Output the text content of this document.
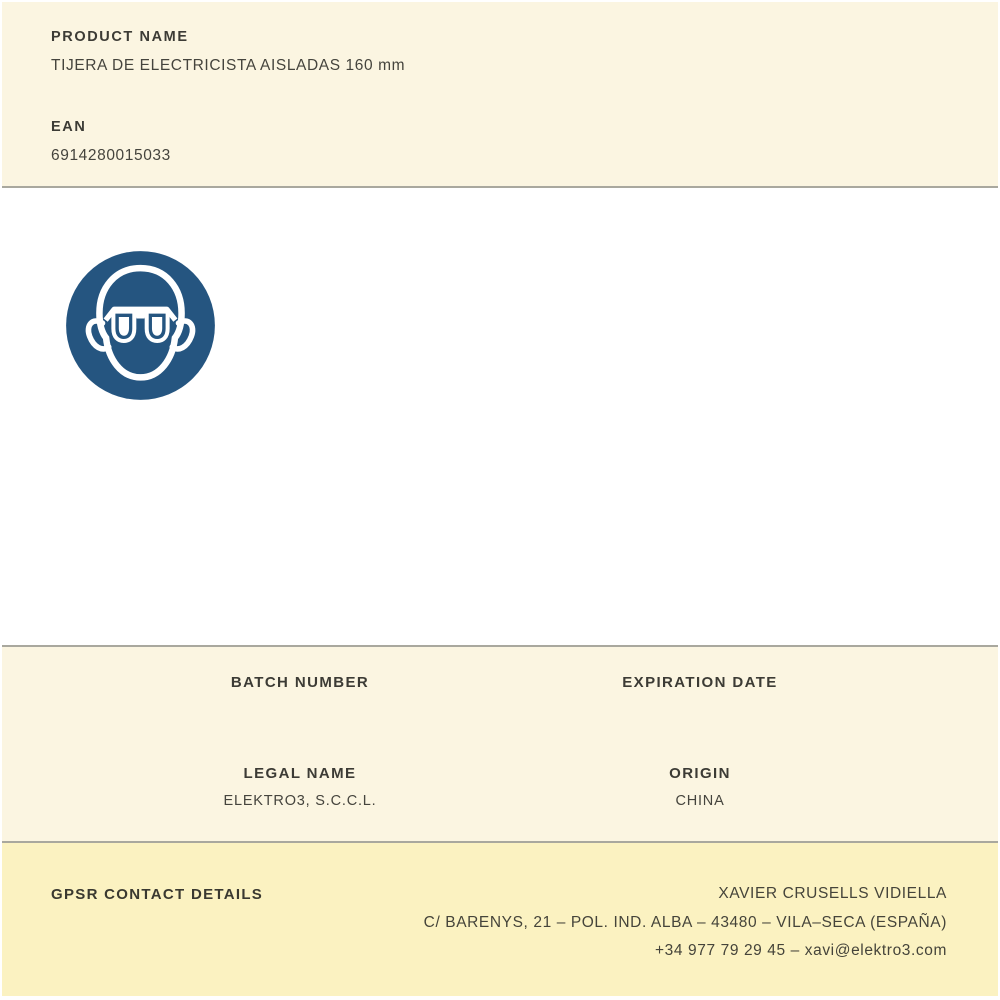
PRODUCT NAME
TIJERA DE ELECTRICISTA AISLADAS 160 mm
EAN
6914280015033
BATCH NUMBER	EXPIRATION DATE
LEGAL NAME
ELEKTRO3, S.C.C.L.
ORIGIN
CHINA
GPSR CONTACT DETAILS	XAVIER CRUSELLS VIDIELLA
C/ BARENYS, 21 – POL. IND. ALBA – 43480 – VILA–SECA (ESPAÑA)
+34 977 79 29 45 – xavi@elektro3.com
